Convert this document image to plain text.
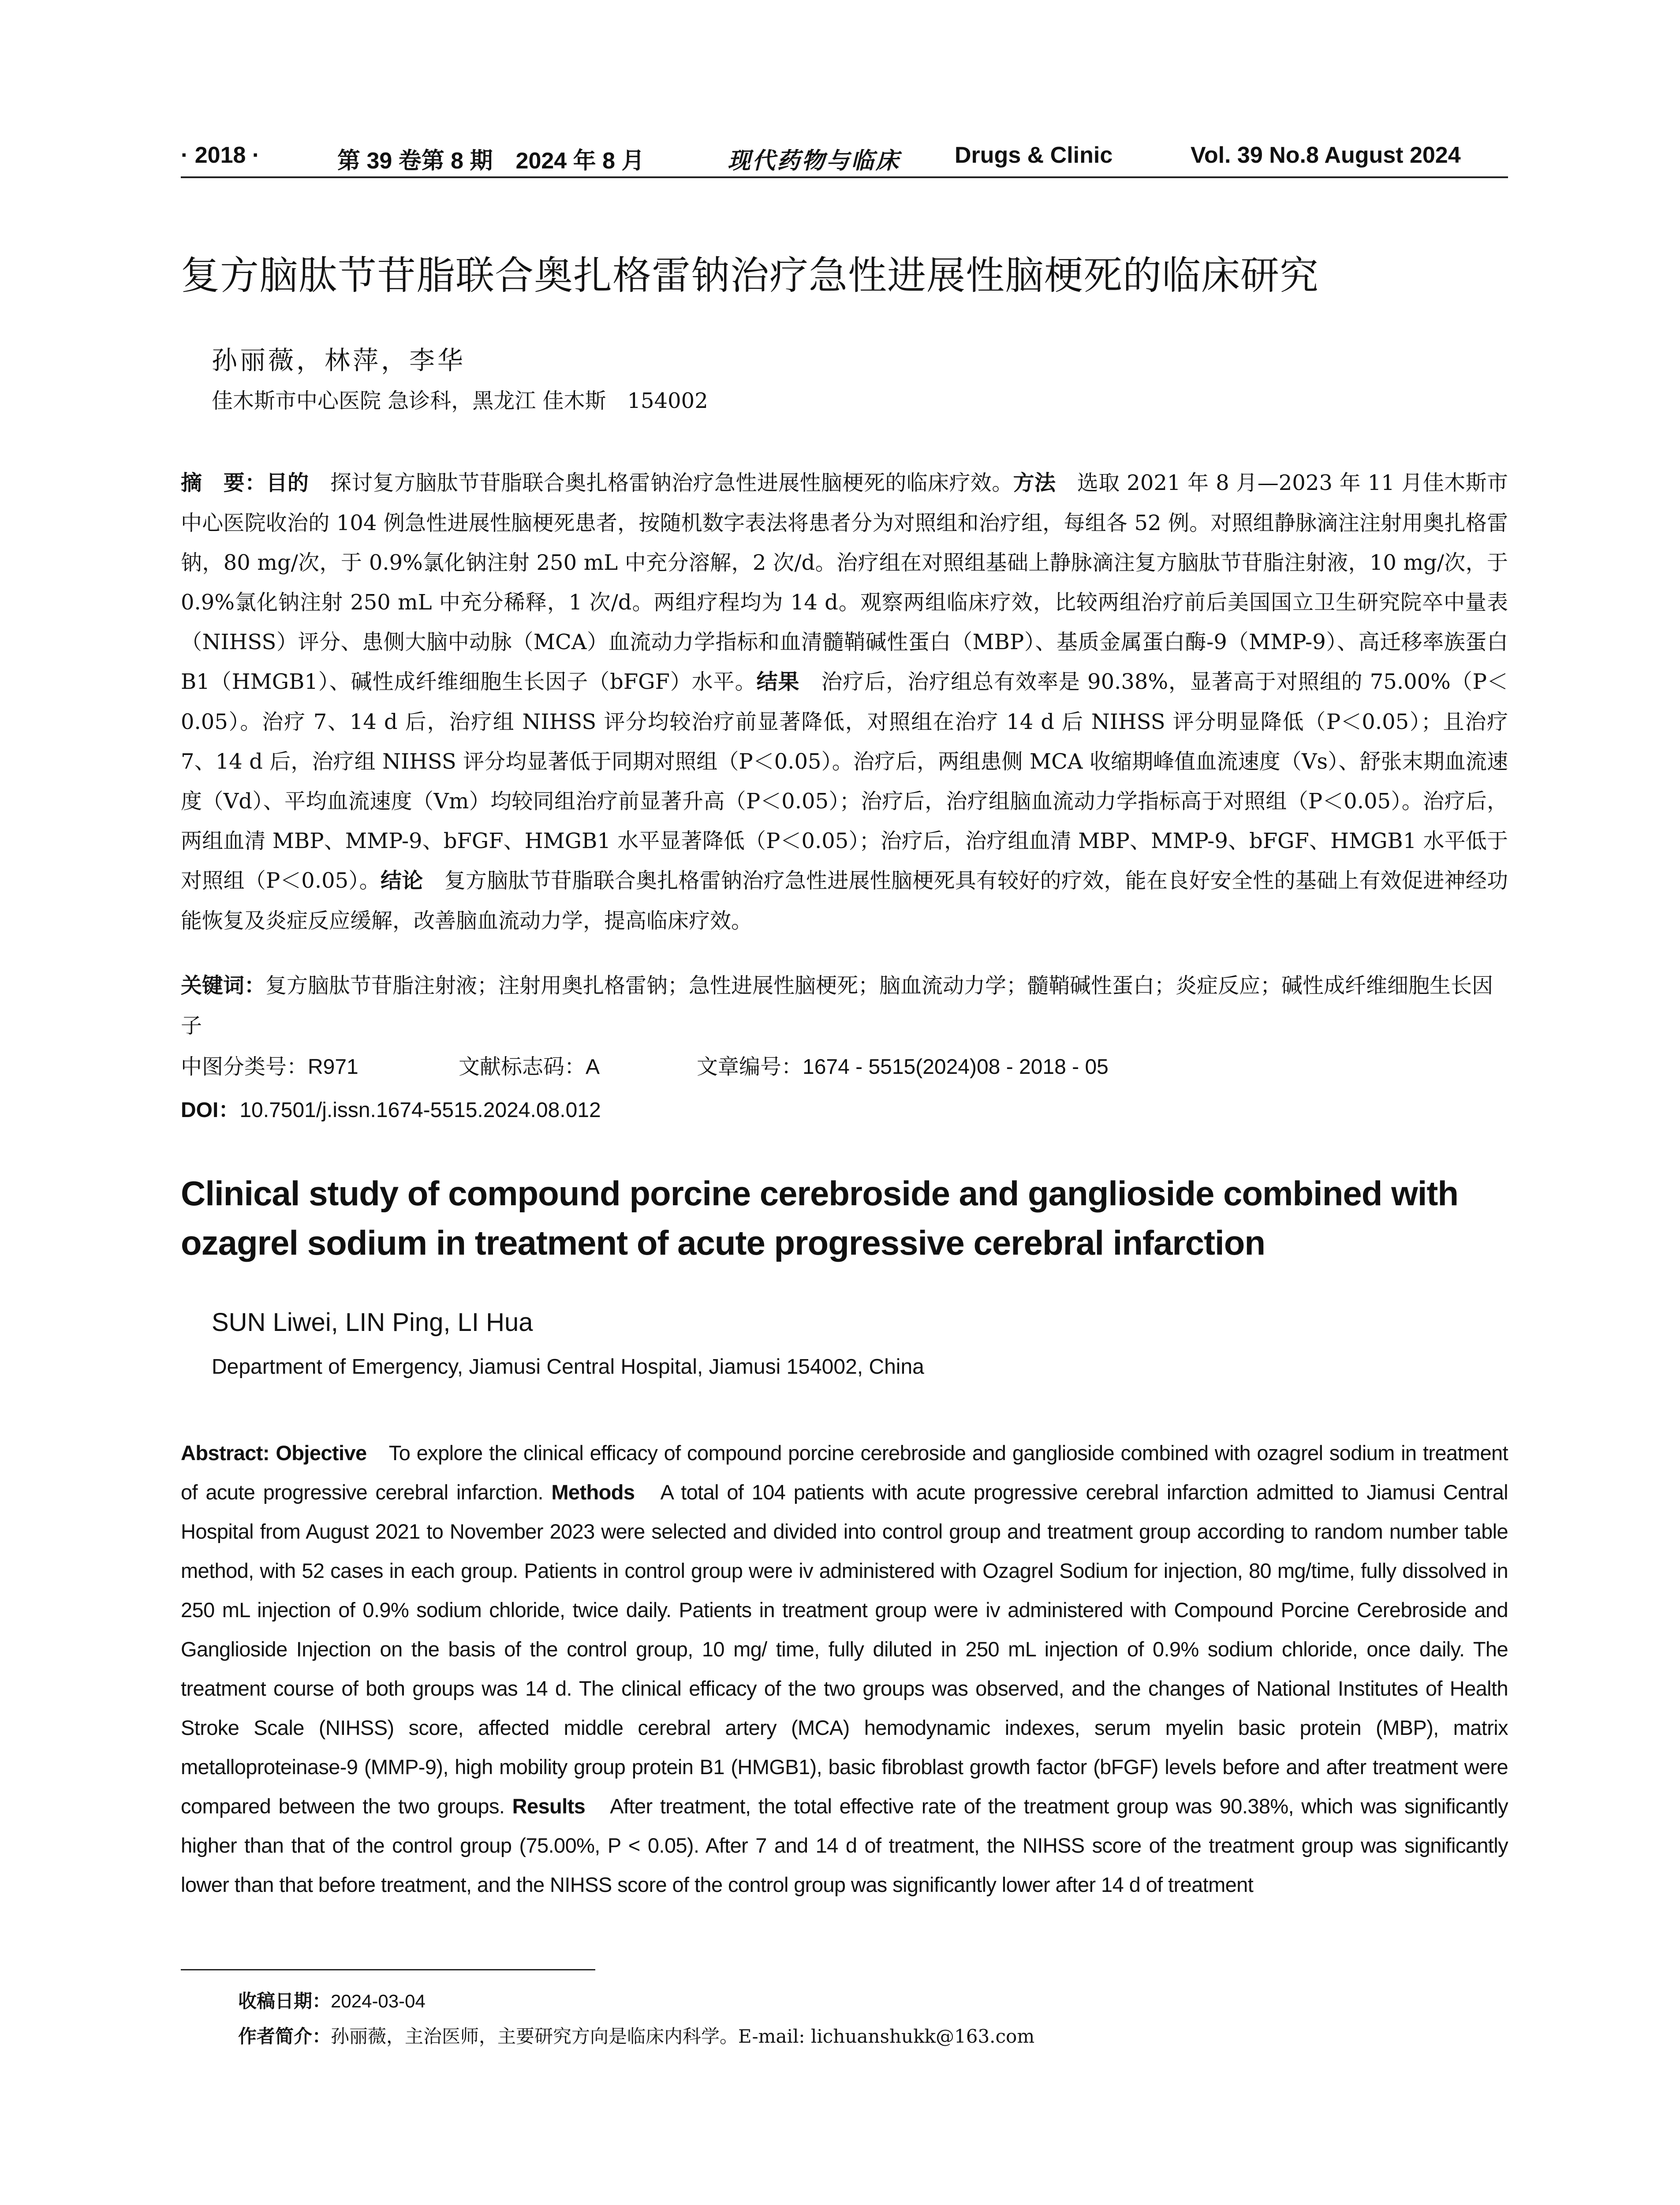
· 2018 ·	第 39 卷第 8 期　2024 年 8 月	现代药物与临床 Drugs & Clinic	Vol. 39 No.8 August 2024
复方脑肽节苷脂联合奥扎格雷钠治疗急性进展性脑梗死的临床研究
孙丽薇，林萍，李华
佳木斯市中心医院 急诊科，黑龙江 佳木斯　154002

摘　要：目的　探讨复方脑肽节苷脂联合奥扎格雷钠治疗急性进展性脑梗死的临床疗效。方法　选取 2021 年 8 月—2023 年 11 月佳木斯市中心医院收治的 104 例急性进展性脑梗死患者，按随机数字表法将患者分为对照组和治疗组，每组各 52 例。对照组静脉滴注注射用奥扎格雷钠，80 mg/次，于 0.9%氯化钠注射 250 mL 中充分溶解，2 次/d。治疗组在对照组基础上静脉滴注复方脑肽节苷脂注射液，10 mg/次，于 0.9%氯化钠注射 250 mL 中充分稀释，1 次/d。两组疗程均为 14 d。观察两组临床疗效，比较两组治疗前后美国国立卫生研究院卒中量表（NIHSS）评分、患侧大脑中动脉（MCA）血流动力学指标和血清髓鞘碱性蛋白（MBP）、基质金属蛋白酶-9（MMP-9）、高迁移率族蛋白 B1（HMGB1）、碱性成纤维细胞生长因子（bFGF）水平。结果　治疗后，治疗组总有效率是 90.38%，显著高于对照组的 75.00%（P＜0.05）。治疗 7、14 d 后，治疗组 NIHSS 评分均较治疗前显著降低，对照组在治疗 14 d 后 NIHSS 评分明显降低（P＜0.05）；且治疗 7、14 d 后，治疗组 NIHSS 评分均显著低于同期对照组（P＜0.05）。治疗后，两组患侧 MCA 收缩期峰值血流速度（Vs）、舒张末期血流速度（Vd）、平均血流速度（Vm）均较同组治疗前显著升高（P＜0.05）；治疗后，治疗组脑血流动力学指标高于对照组（P＜0.05）。治疗后，两组血清 MBP、MMP-9、bFGF、HMGB1 水平显著降低（P＜0.05）；治疗后，治疗组血清 MBP、MMP-9、bFGF、HMGB1 水平低于对照组（P＜0.05）。结论　复方脑肽节苷脂联合奥扎格雷钠治疗急性进展性脑梗死具有较好的疗效，能在良好安全性的基础上有效促进神经功能恢复及炎症反应缓解，改善脑血流动力学，提高临床疗效。

关键词：复方脑肽节苷脂注射液；注射用奥扎格雷钠；急性进展性脑梗死；脑血流动力学；髓鞘碱性蛋白；炎症反应；碱性成纤维细胞生长因子

中图分类号：R971	文献标志码：A	文章编号：1674 - 5515(2024)08 - 2018 - 05
DOI：10.7501/j.issn.1674-5515.2024.08.012
Clinical study of compound porcine cerebroside and ganglioside combined with ozagrel sodium in treatment of acute progressive cerebral infarction
SUN Liwei, LIN Ping, LI Hua
Department of Emergency, Jiamusi Central Hospital, Jiamusi 154002, China

Abstract: Objective　To explore the clinical efficacy of compound porcine cerebroside and ganglioside combined with ozagrel sodium in treatment of acute progressive cerebral infarction. Methods　A total of 104 patients with acute progressive cerebral infarction admitted to Jiamusi Central Hospital from August 2021 to November 2023 were selected and divided into control group and treatment group according to random number table method, with 52 cases in each group. Patients in control group were iv administered with Ozagrel Sodium for injection, 80 mg/time, fully dissolved in 250 mL injection of 0.9% sodium chloride, twice daily. Patients in treatment group were iv administered with Compound Porcine Cerebroside and Ganglioside Injection on the basis of the control group, 10 mg/ time, fully diluted in 250 mL injection of 0.9% sodium chloride, once daily. The treatment course of both groups was 14 d. The clinical efficacy of the two groups was observed, and the changes of National Institutes of Health Stroke Scale (NIHSS) score, affected middle cerebral artery (MCA) hemodynamic indexes, serum myelin basic protein (MBP), matrix metalloproteinase-9 (MMP-9), high mobility group protein B1 (HMGB1), basic fibroblast growth factor (bFGF) levels before and after treatment were compared between the two groups. Results　After treatment, the total effective rate of the treatment group was 90.38%, which was significantly higher than that of the control group (75.00%, P < 0.05). After 7 and 14 d of treatment, the NIHSS score of the treatment group was significantly lower than that before treatment, and the NIHSS score of the control group was significantly lower after 14 d of treatment

收稿日期：2024-03-04
作者简介：孙丽薇，主治医师，主要研究方向是临床内科学。E-mail: lichuanshukk@163.com
